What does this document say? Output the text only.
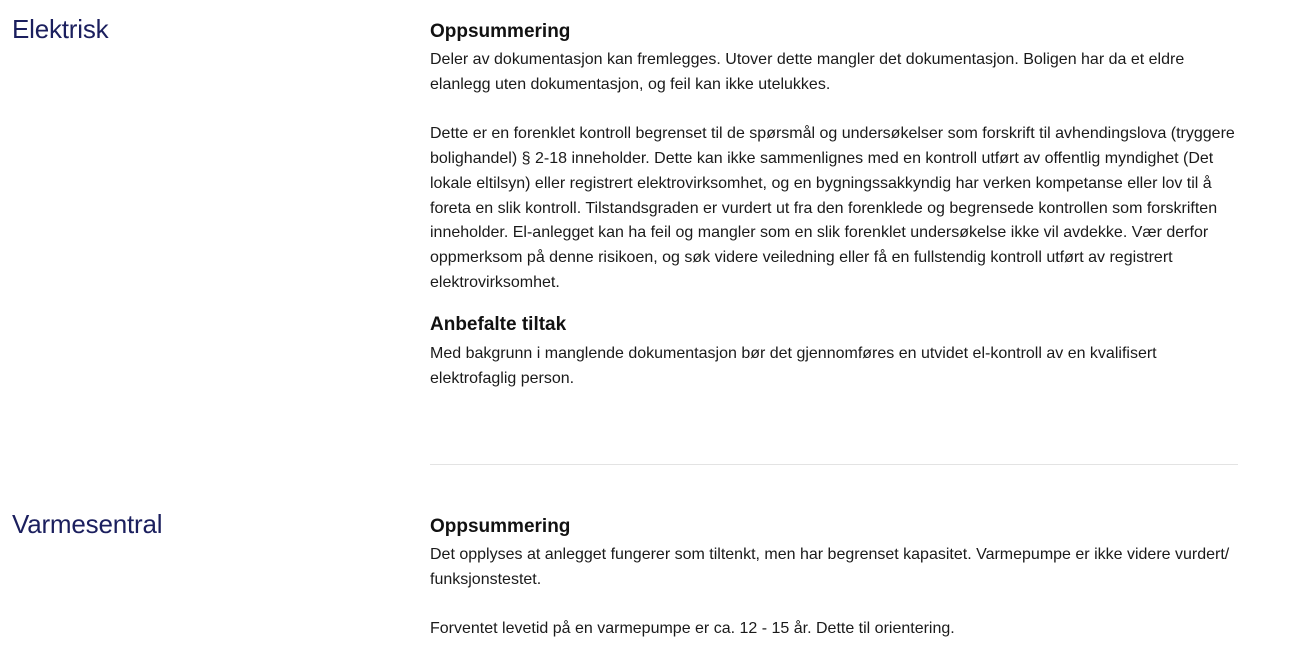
Elektrisk	Oppsummering

Deler av dokumentasjon kan fremlegges. Utover dette mangler det dokumentasjon. Boligen har da et eldre elanlegg uten dokumentasjon, og feil kan ikke utelukkes.

Dette er en forenklet kontroll begrenset til de spørsmål og undersøkelser som forskrift til avhendingslova (tryggere bolighandel) § 2-18 inneholder. Dette kan ikke sammenlignes med en kontroll utført av offentlig myndighet (Det lokale eltilsyn) eller registrert elektrovirksomhet, og en bygningssakkyndig har verken kompetanse eller lov til å foreta en slik kontroll. Tilstandsgraden er vurdert ut fra den forenklede og begrensede kontrollen som forskriften inneholder. El-anlegget kan ha feil og mangler som en slik forenklet undersøkelse ikke vil avdekke. Vær derfor oppmerksom på denne risikoen, og søk videre veiledning eller få en fullstendig kontroll utført av registrert elektrovirksomhet.

Anbefalte tiltak

Med bakgrunn i manglende dokumentasjon bør det gjennomføres en utvidet el-kontroll av en kvalifisert elektrofaglig person.

Varmesentral	Oppsummering

Det opplyses at anlegget fungerer som tiltenkt, men har begrenset kapasitet. Varmepumpe er ikke videre vurdert/ funksjonstestet.

Forventet levetid på en varmepumpe er ca. 12 - 15 år. Dette til orientering.
